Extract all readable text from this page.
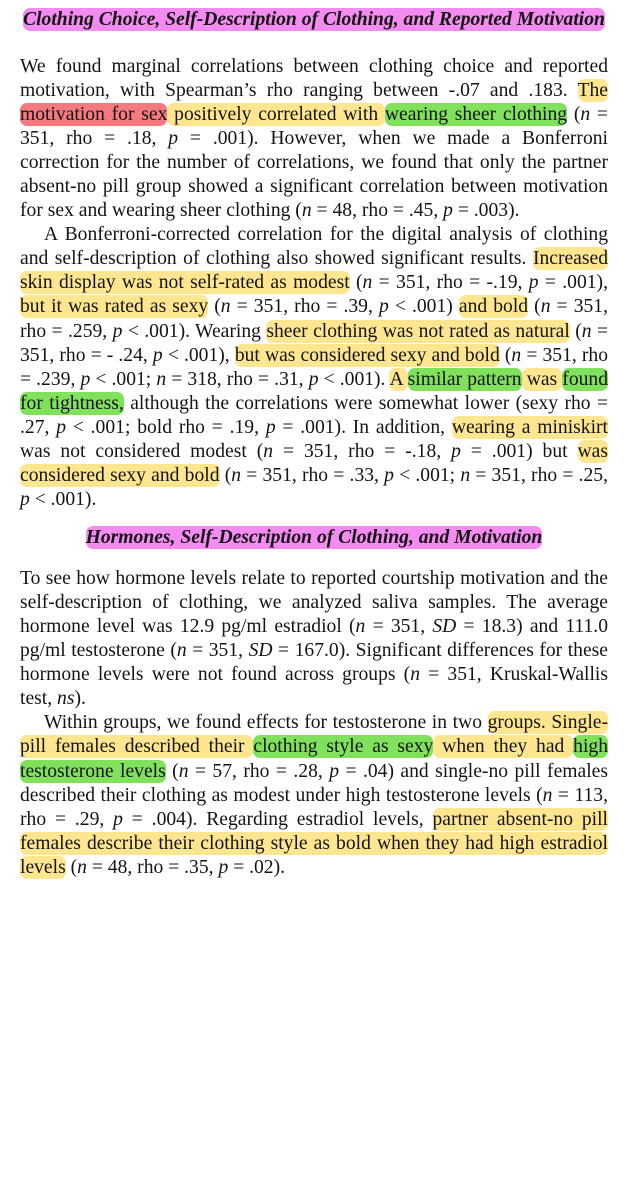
Clothing Choice, Self-Description of Clothing, and Reported Motivation

We found marginal correlations between clothing choice and reported motivation, with Spearman’s rho ranging between -.07 and .183. The motivation for sex positively correlated with wearing sheer clothing (n = 351, rho = .18, p = .001). However, when we made a Bonferroni correction for the number of correlations, we found that only the partner absent-no pill group showed a significant correlation between motivation for sex and wearing sheer clothing (n = 48, rho = .45, p = .003).

A Bonferroni-corrected correlation for the digital analysis of clothing and self-description of clothing also showed significant results. Increased skin display was not self-rated as modest (n = 351, rho = -.19, p = .001), but it was rated as sexy (n = 351, rho = .39, p < .001) and bold (n = 351, rho = .259, p < .001). Wearing sheer clothing was not rated as natural (n = 351, rho = - .24, p < .001), but was considered sexy and bold (n = 351, rho = .239, p < .001; n = 318, rho = .31, p < .001). A similar pattern was found for tightness, although the correlations were somewhat lower (sexy rho = .27, p < .001; bold rho = .19, p = .001). In addition, wearing a miniskirt was not considered modest (n = 351, rho = -.18, p = .001) but was considered sexy and bold (n = 351, rho = .33, p < .001; n = 351, rho = .25, p < .001).

Hormones, Self-Description of Clothing, and Motivation

To see how hormone levels relate to reported courtship motivation and the self-description of clothing, we analyzed saliva samples. The average hormone level was 12.9 pg/ml estradiol (n = 351, SD = 18.3) and 111.0 pg/ml testosterone (n = 351, SD = 167.0). Significant differences for these hormone levels were not found across groups (n = 351, Kruskal-Wallis test, ns).

Within groups, we found effects for testosterone in two groups. Single-pill females described their clothing style as sexy when they had high testosterone levels (n = 57, rho = .28, p = .04) and single-no pill females described their clothing as modest under high testosterone levels (n = 113, rho = .29, p = .004). Regarding estradiol levels, partner absent-no pill females describe their clothing style as bold when they had high estradiol levels (n = 48, rho = .35, p = .02).
